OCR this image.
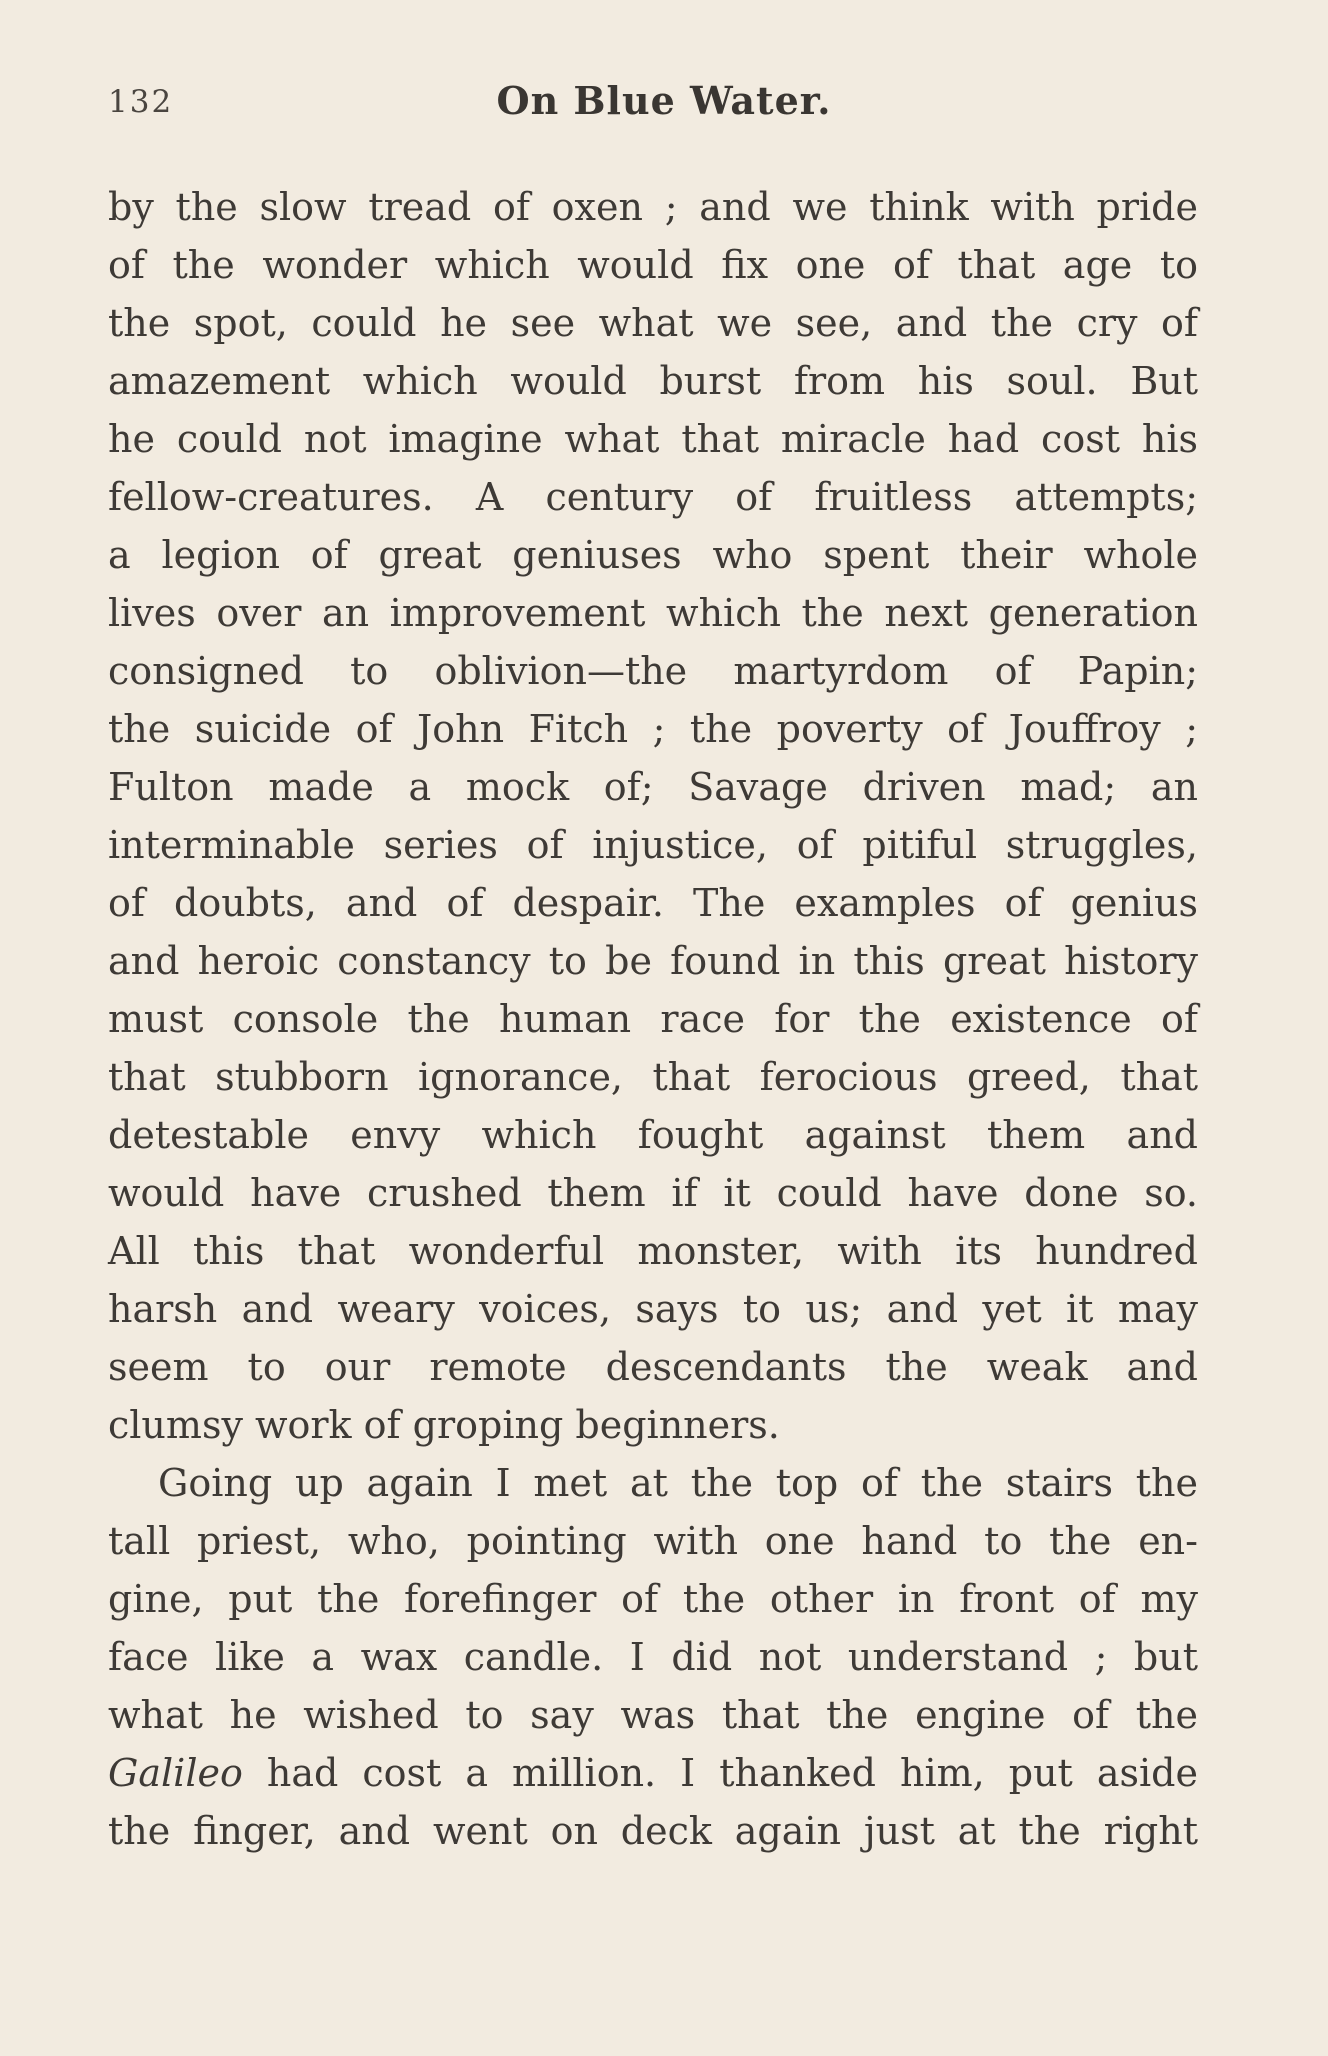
132	On Blue Water.
by the slow tread of oxen ; and we think with pride
of the wonder which would fix one of that age to
the spot, could he see what we see, and the cry of
amazement which would burst from his soul. But
he could not imagine what that miracle had cost his
fellow-creatures. A century of fruitless attempts;
a legion of great geniuses who spent their whole
lives over an improvement which the next generation
consigned to oblivion—the martyrdom of Papin;
the suicide of John Fitch ; the poverty of Jouffroy ;
Fulton made a mock of; Savage driven mad; an
interminable series of injustice, of pitiful struggles,
of doubts, and of despair. The examples of genius
and heroic constancy to be found in this great history
must console the human race for the existence of
that stubborn ignorance, that ferocious greed, that
detestable envy which fought against them and
would have crushed them if it could have done so.
All this that wonderful monster, with its hundred
harsh and weary voices, says to us; and yet it may
seem to our remote descendants the weak and
clumsy work of groping beginners.
Going up again I met at the top of the stairs the
tall priest, who, pointing with one hand to the en-
gine, put the forefinger of the other in front of my
face like a wax candle. I did not understand ; but
what he wished to say was that the engine of the
Galileo had cost a million. I thanked him, put aside
the finger, and went on deck again just at the right
